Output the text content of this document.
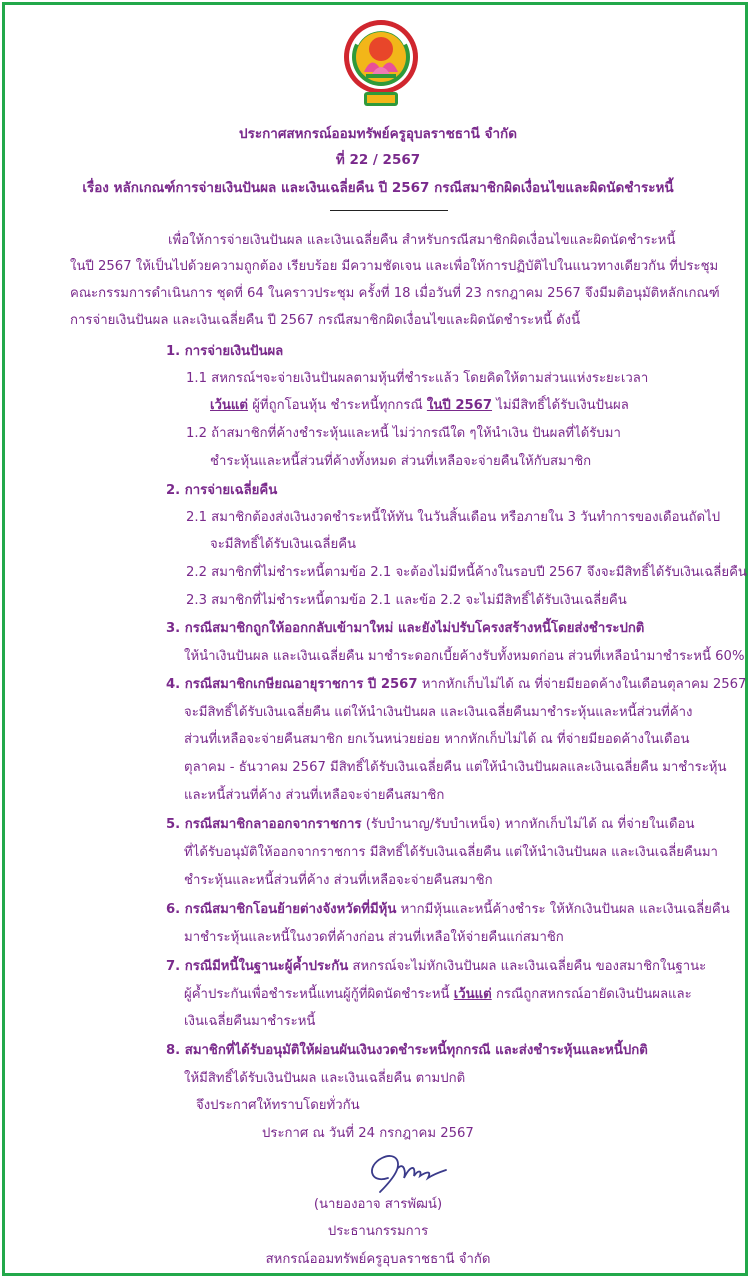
ประกาศสหกรณ์ออมทรัพย์ครูอุบลราชธานี จำกัด
ที่ 22 / 2567
เรื่อง หลักเกณฑ์การจ่ายเงินปันผล และเงินเฉลี่ยคืน ปี 2567 กรณีสมาชิกผิดเงื่อนไขและผิดนัดชำระหนี้
เพื่อให้การจ่ายเงินปันผล และเงินเฉลี่ยคืน สำหรับกรณีสมาชิกผิดเงื่อนไขและผิดนัดชำระหนี้
ในปี 2567 ให้เป็นไปด้วยความถูกต้อง เรียบร้อย มีความชัดเจน และเพื่อให้การปฏิบัติไปในแนวทางเดียวกัน ที่ประชุม
คณะกรรมการดำเนินการ ชุดที่ 64 ในคราวประชุม ครั้งที่ 18 เมื่อวันที่ 23 กรกฎาคม 2567 จึงมีมติอนุมัติหลักเกณฑ์
การจ่ายเงินปันผล และเงินเฉลี่ยคืน ปี 2567 กรณีสมาชิกผิดเงื่อนไขและผิดนัดชำระหนี้ ดังนี้
1. การจ่ายเงินปันผล
1.1 สหกรณ์ฯจะจ่ายเงินปันผลตามหุ้นที่ชำระแล้ว โดยคิดให้ตามส่วนแห่งระยะเวลา
เว้นแต่ ผู้ที่ถูกโอนหุ้น ชำระหนี้ทุกกรณี ในปี 2567 ไม่มีสิทธิ์ได้รับเงินปันผล
1.2 ถ้าสมาชิกที่ค้างชำระหุ้นและหนี้ ไม่ว่ากรณีใด ๆให้นำเงิน ปันผลที่ได้รับมา
ชำระหุ้นและหนี้ส่วนที่ค้างทั้งหมด ส่วนที่เหลือจะจ่ายคืนให้กับสมาชิก
2. การจ่ายเฉลี่ยคืน
2.1 สมาชิกต้องส่งเงินงวดชำระหนี้ให้ทัน ในวันสิ้นเดือน หรือภายใน 3 วันทำการของเดือนถัดไป
จะมีสิทธิ์ได้รับเงินเฉลี่ยคืน
2.2 สมาชิกที่ไม่ชำระหนี้ตามข้อ 2.1 จะต้องไม่มีหนี้ค้างในรอบปี 2567 จึงจะมีสิทธิ์ได้รับเงินเฉลี่ยคืน
2.3 สมาชิกที่ไม่ชำระหนี้ตามข้อ 2.1 และข้อ 2.2 จะไม่มีสิทธิ์ได้รับเงินเฉลี่ยคืน
3. กรณีสมาชิกถูกให้ออกกลับเข้ามาใหม่ และยังไม่ปรับโครงสร้างหนี้โดยส่งชำระปกติ
ให้นำเงินปันผล และเงินเฉลี่ยคืน มาชำระดอกเบี้ยค้างรับทั้งหมดก่อน ส่วนที่เหลือนำมาชำระหนี้ 60%
4. กรณีสมาชิกเกษียณอายุราชการ ปี 2567 หากหักเก็บไม่ได้ ณ ที่จ่ายมียอดค้างในเดือนตุลาคม 2567
จะมีสิทธิ์ได้รับเงินเฉลี่ยคืน แต่ให้นำเงินปันผล และเงินเฉลี่ยคืนมาชำระหุ้นและหนี้ส่วนที่ค้าง
ส่วนที่เหลือจะจ่ายคืนสมาชิก ยกเว้นหน่วยย่อย หากหักเก็บไม่ได้ ณ ที่จ่ายมียอดค้างในเดือน
ตุลาคม - ธันวาคม 2567 มีสิทธิ์ได้รับเงินเฉลี่ยคืน แต่ให้นำเงินปันผลและเงินเฉลี่ยคืน มาชำระหุ้น
และหนี้ส่วนที่ค้าง ส่วนที่เหลือจะจ่ายคืนสมาชิก
5. กรณีสมาชิกลาออกจากราชการ (รับบำนาญ/รับบำเหน็จ) หากหักเก็บไม่ได้ ณ ที่จ่ายในเดือน
ที่ได้รับอนุมัติให้ออกจากราชการ มีสิทธิ์ได้รับเงินเฉลี่ยคืน แต่ให้นำเงินปันผล และเงินเฉลี่ยคืนมา
ชำระหุ้นและหนี้ส่วนที่ค้าง ส่วนที่เหลือจะจ่ายคืนสมาชิก
6. กรณีสมาชิกโอนย้ายต่างจังหวัดที่มีหุ้น หากมีหุ้นและหนี้ค้างชำระ ให้หักเงินปันผล และเงินเฉลี่ยคืน
มาชำระหุ้นและหนี้ในงวดที่ค้างก่อน ส่วนที่เหลือให้จ่ายคืนแก่สมาชิก
7. กรณีมีหนี้ในฐานะผู้ค้ำประกัน สหกรณ์จะไม่หักเงินปันผล และเงินเฉลี่ยคืน ของสมาชิกในฐานะ
ผู้ค้ำประกันเพื่อชำระหนี้แทนผู้กู้ที่ผิดนัดชำระหนี้ เว้นแต่ กรณีถูกสหกรณ์อายัดเงินปันผลและ
เงินเฉลี่ยคืนมาชำระหนี้
8. สมาชิกที่ได้รับอนุมัติให้ผ่อนผันเงินงวดชำระหนี้ทุกกรณี และส่งชำระหุ้นและหนี้ปกติ
ให้มีสิทธิ์ได้รับเงินปันผล และเงินเฉลี่ยคืน ตามปกติ
จึงประกาศให้ทราบโดยทั่วกัน
ประกาศ ณ วันที่ 24 กรกฎาคม 2567
(นายองอาจ สารพัฒน์)
ประธานกรรมการ
สหกรณ์ออมทรัพย์ครูอุบลราชธานี จำกัด
